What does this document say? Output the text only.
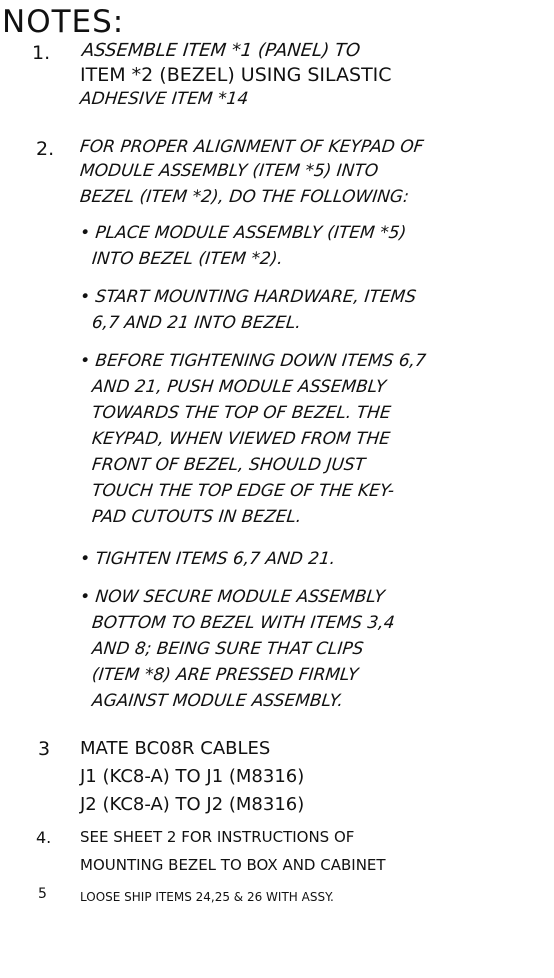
NOTES:
1. ASSEMBLE ITEM *1 (PANEL) TO
ITEM *2 (BEZEL) USING SILASTIC
ADHESIVE ITEM *14
2. FOR PROPER ALIGNMENT OF KEYPAD OF
MODULE ASSEMBLY (ITEM *5) INTO
BEZEL (ITEM *2), DO THE FOLLOWING:
• PLACE MODULE ASSEMBLY (ITEM *5)
INTO BEZEL (ITEM *2).
• START MOUNTING HARDWARE, ITEMS
6,7 AND 21 INTO BEZEL.
• BEFORE TIGHTENING DOWN ITEMS 6,7
AND 21, PUSH MODULE ASSEMBLY
TOWARDS THE TOP OF BEZEL. THE
KEYPAD, WHEN VIEWED FROM THE
FRONT OF BEZEL, SHOULD JUST
TOUCH THE TOP EDGE OF THE KEY-
PAD CUTOUTS IN BEZEL.
• TIGHTEN ITEMS 6,7 AND 21.
• NOW SECURE MODULE ASSEMBLY
BOTTOM TO BEZEL WITH ITEMS 3,4
AND 8; BEING SURE THAT CLIPS
(ITEM *8) ARE PRESSED FIRMLY
AGAINST MODULE ASSEMBLY.
3 MATE BC08R CABLES
J1 (KC8-A) TO J1 (M8316)
J2 (KC8-A) TO J2 (M8316)
4. SEE SHEET 2 FOR INSTRUCTIONS OF
MOUNTING BEZEL TO BOX AND CABINET
5	LOOSE SHIP ITEMS 24,25 & 26 WITH ASSY.
